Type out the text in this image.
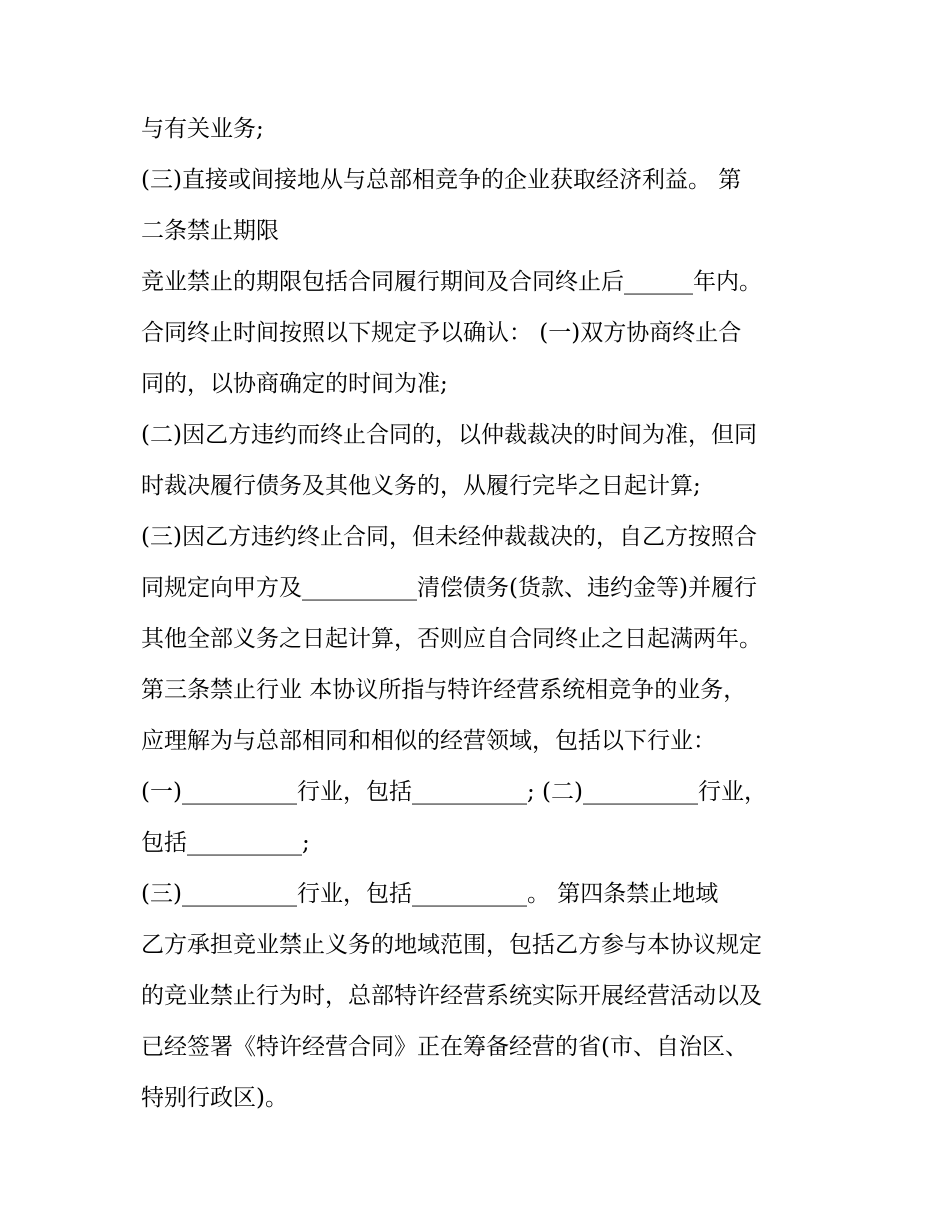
与有关业务;

(三)直接或间接地从与总部相竞争的企业获取经济利益。 第

二条禁止期限

竞业禁止的期限包括合同履行期间及合同终止后______年内。

合同终止时间按照以下规定予以确认： (一)双方协商终止合

同的，以协商确定的时间为准;

(二)因乙方违约而终止合同的，以仲裁裁决的时间为准，但同

时裁决履行债务及其他义务的，从履行完毕之日起计算;

(三)因乙方违约终止合同，但未经仲裁裁决的，自乙方按照合

同规定向甲方及__________清偿债务(货款、违约金等)并履行

其他全部义务之日起计算，否则应自合同终止之日起满两年。

第三条禁止行业 本协议所指与特许经营系统相竞争的业务，

应理解为与总部相同和相似的经营领域，包括以下行业：

(一)__________行业，包括__________; (二)__________行业，

包括__________;

(三)__________行业，包括__________。 第四条禁止地域

乙方承担竞业禁止义务的地域范围，包括乙方参与本协议规定

的竞业禁止行为时，总部特许经营系统实际开展经营活动以及

已经签署《特许经营合同》正在筹备经营的省(市、自治区、

特别行政区)。
